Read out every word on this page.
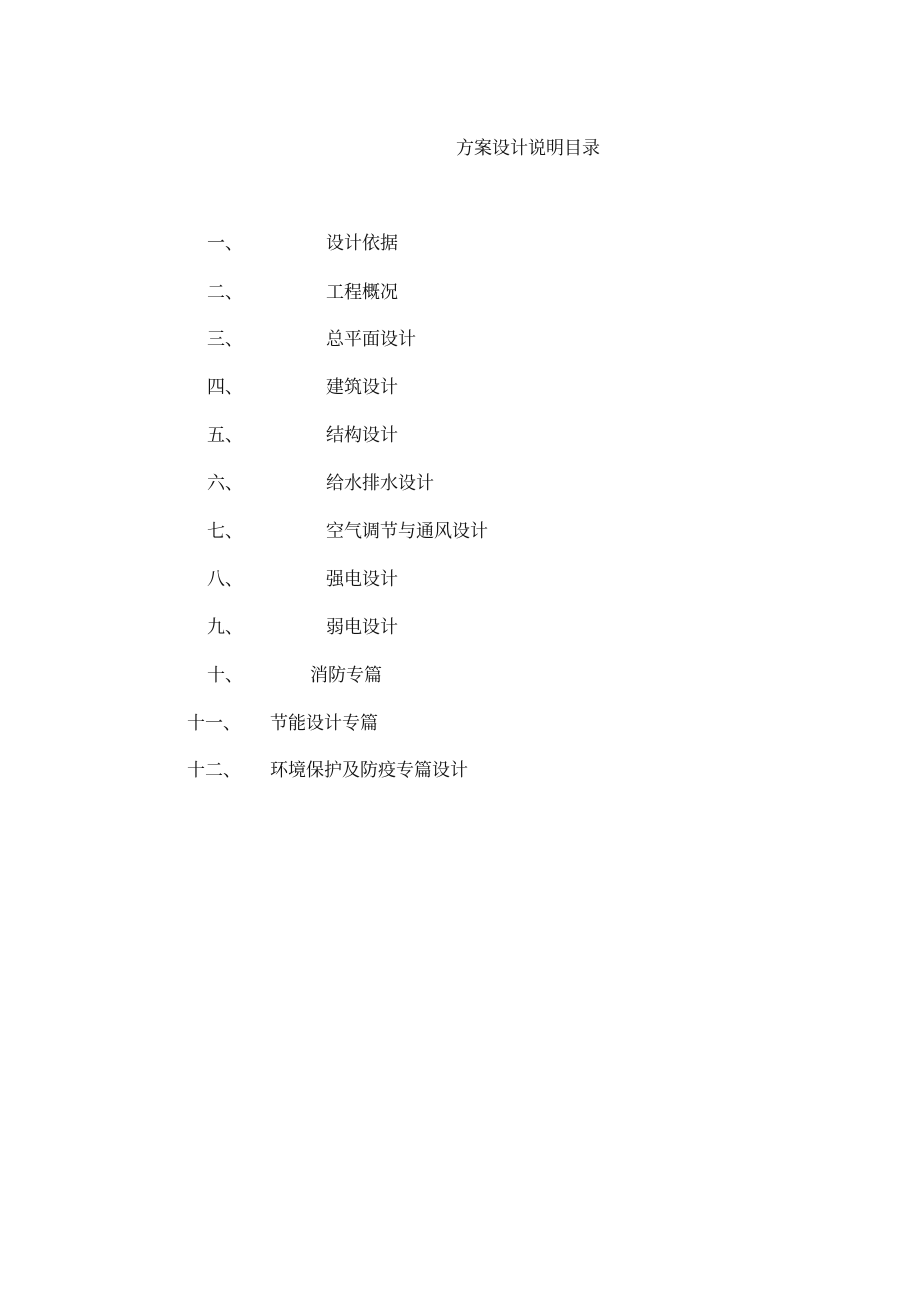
方案设计说明目录
一、	设计依据
二、	工程概况
三、	总平面设计
四、	建筑设计
五、	结构设计
六、	给水排水设计
七、	空气调节与通风设计
八、	强电设计
九、	弱电设计
十、	消防专篇
十一、 节能设计专篇
十二、 环境保护及防疫专篇设计
